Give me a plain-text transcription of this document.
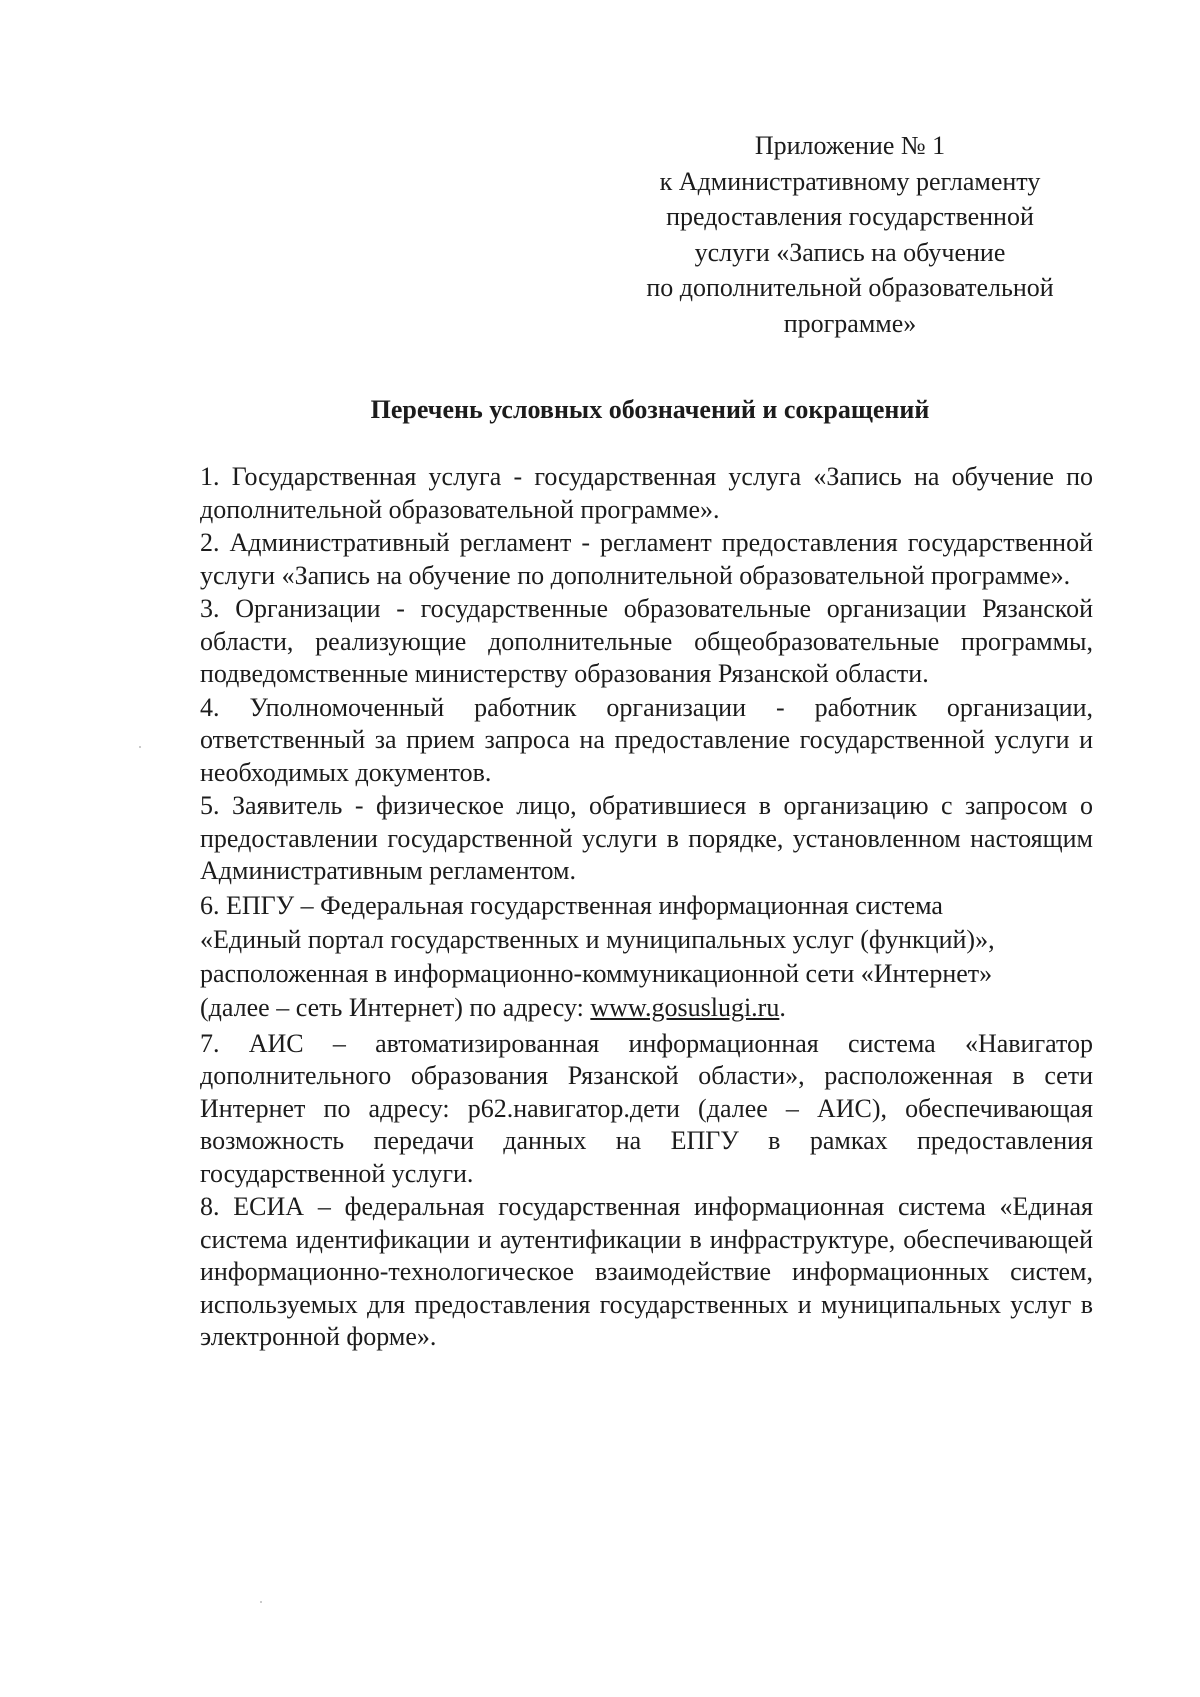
Приложение № 1
к Административному регламенту
предоставления государственной
услуги «Запись на обучение
по дополнительной образовательной
программе»
Перечень условных обозначений и сокращений

1. Государственная услуга - государственная услуга «Запись на обучение по дополнительной образовательной программе».

2. Административный регламент - регламент предоставления государственной услуги «Запись на обучение по дополнительной образовательной программе».

3. Организации - государственные образовательные организации Рязанской области, реализующие дополнительные общеобразовательные программы, подведомственные министерству образования Рязанской области.

4. Уполномоченный работник организации - работник организации, ответственный за прием запроса на предоставление государственной услуги и необходимых документов.

5. Заявитель - физическое лицо, обратившиеся в организацию с запросом о предоставлении государственной услуги в порядке, установленном настоящим Административным регламентом.

6. ЕПГУ – Федеральная государственная информационная система
«Единый портал государственных и муниципальных услуг (функций)»,
расположенная в информационно-коммуникационной сети «Интернет»
(далее – сеть Интернет) по адресу: www.gosuslugi.ru.

7. АИС – автоматизированная информационная система «Навигатор дополнительного образования Рязанской области», расположенная в сети Интернет по адресу: р62.навигатор.дети (далее – АИС), обеспечивающая возможность передачи данных на ЕПГУ в рамках предоставления государственной услуги.

8. ЕСИА – федеральная государственная информационная система «Единая система идентификации и аутентификации в инфраструктуре, обеспечивающей информационно-технологическое взаимодействие информационных систем, используемых для предоставления государственных и муниципальных услуг в электронной форме».
